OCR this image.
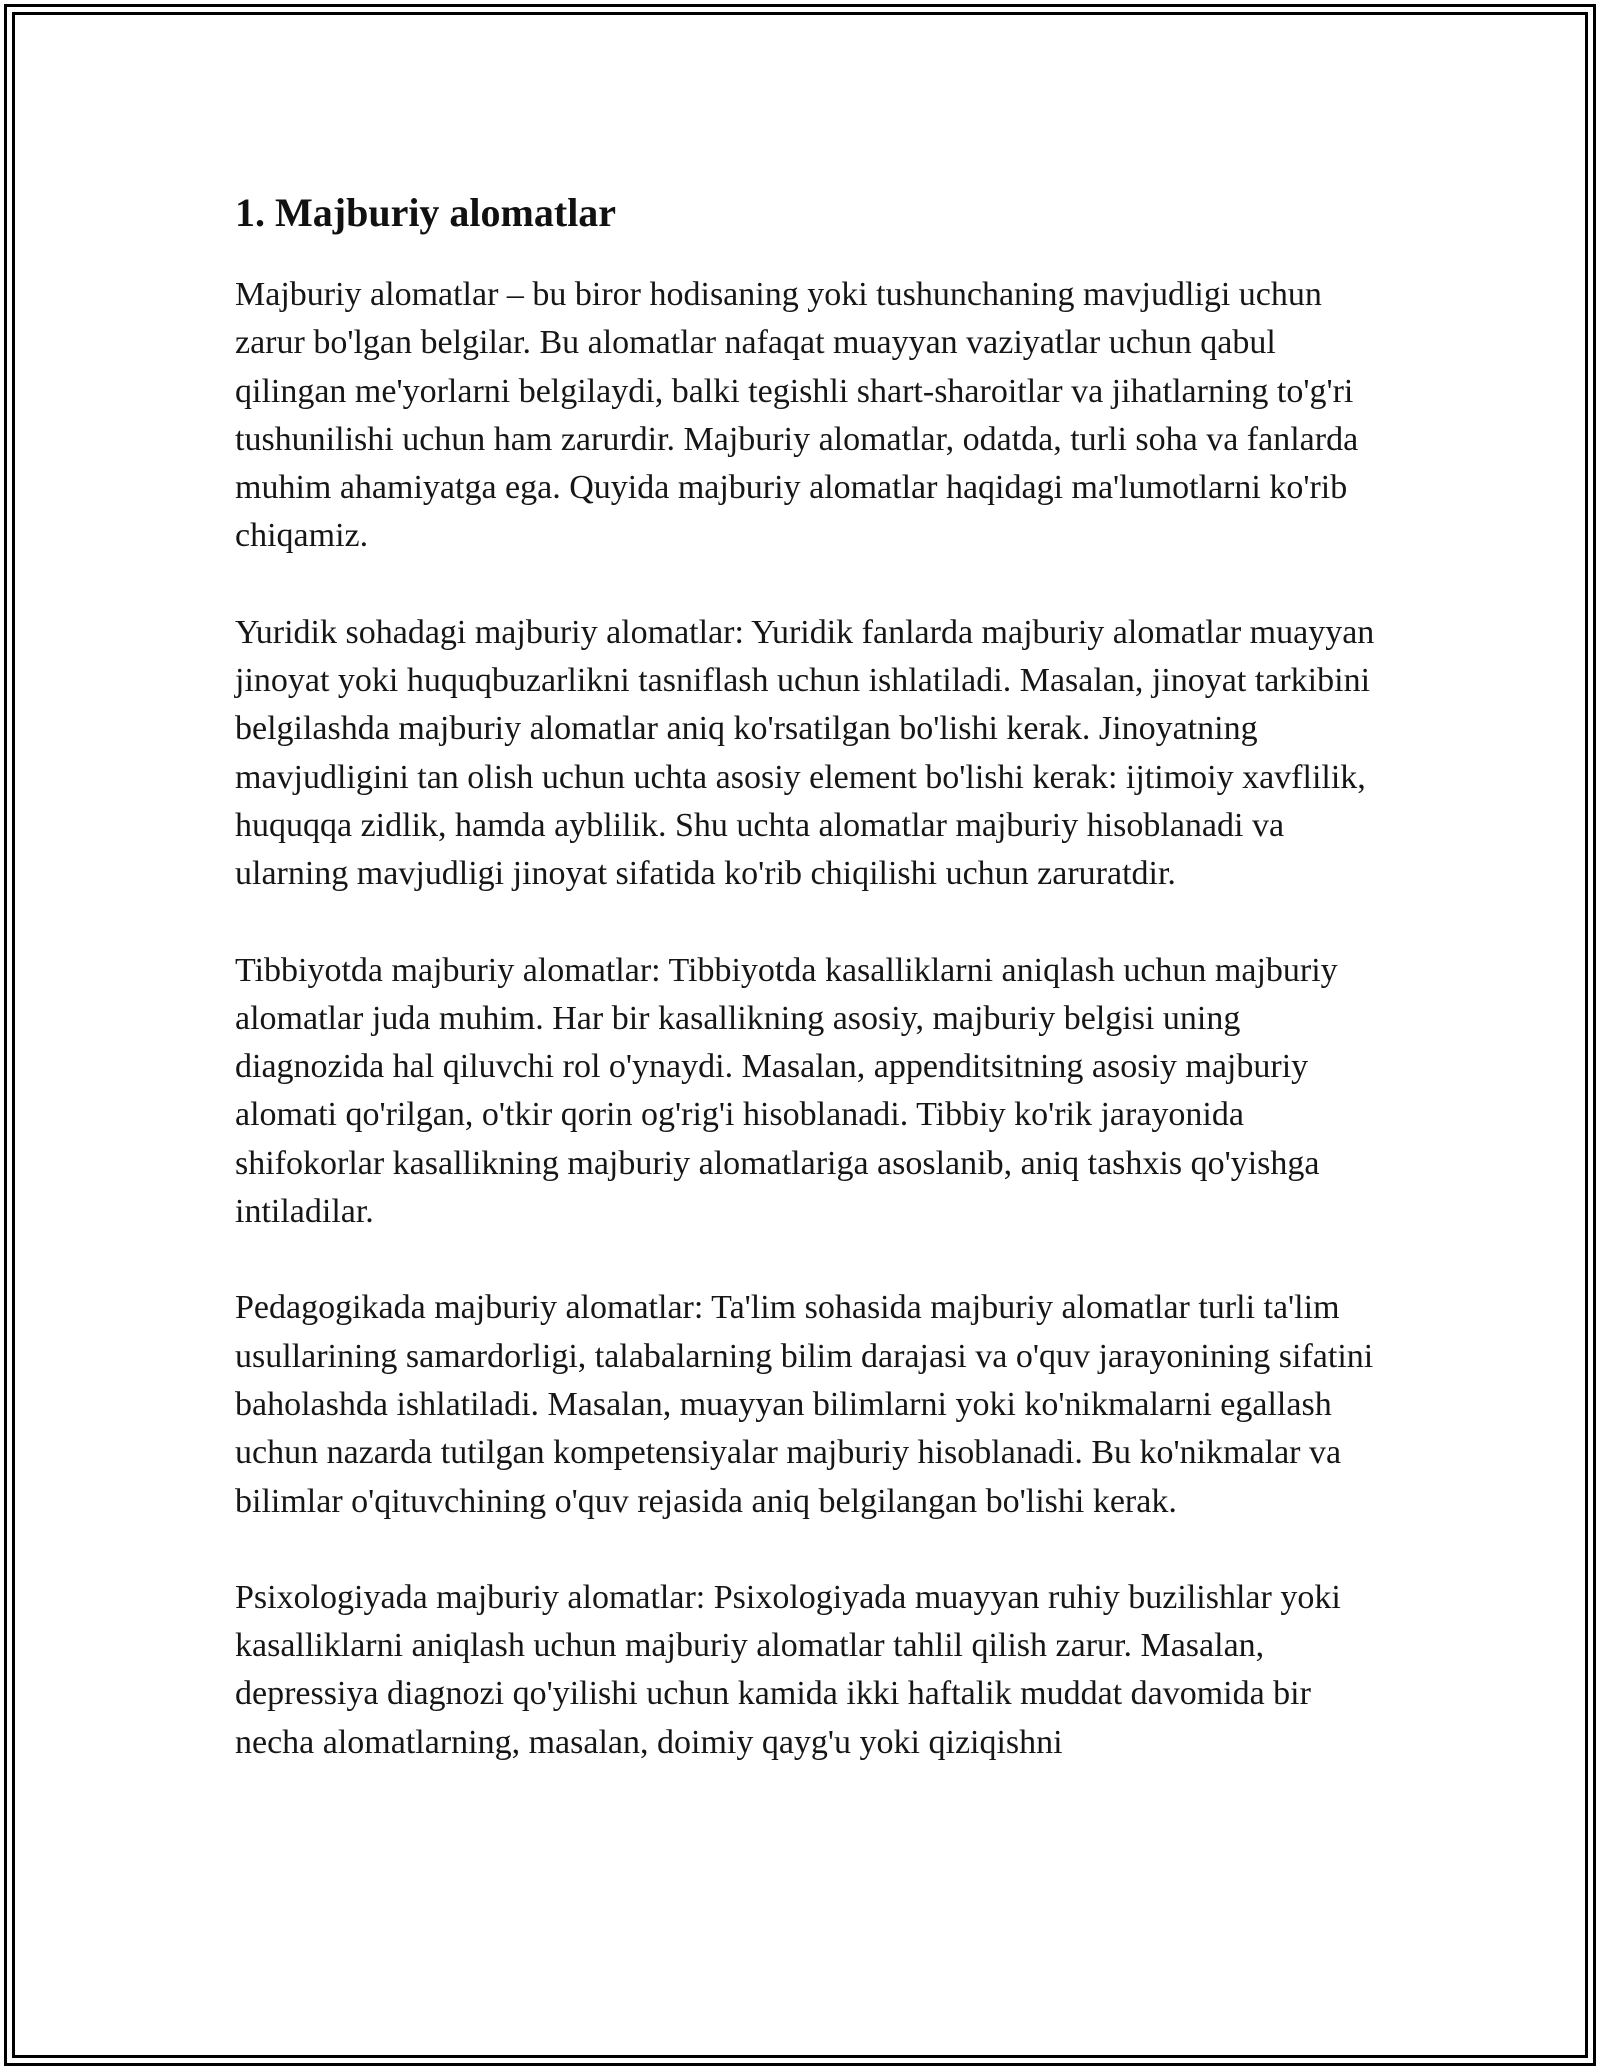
1. Majburiy alomatlar

Majburiy alomatlar – bu biror hodisaning yoki tushunchaning mavjudligi uchun zarur bo'lgan belgilar. Bu alomatlar nafaqat muayyan vaziyatlar uchun qabul qilingan me'yorlarni belgilaydi, balki tegishli shart-sharoitlar va jihatlarning to'g'ri tushunilishi uchun ham zarurdir. Majburiy alomatlar, odatda, turli soha va fanlarda muhim ahamiyatga ega. Quyida majburiy alomatlar haqidagi ma'lumotlarni ko'rib chiqamiz.

Yuridik sohadagi majburiy alomatlar: Yuridik fanlarda majburiy alomatlar muayyan jinoyat yoki huquqbuzarlikni tasniflash uchun ishlatiladi. Masalan, jinoyat tarkibini belgilashda majburiy alomatlar aniq ko'rsatilgan bo'lishi kerak. Jinoyatning mavjudligini tan olish uchun uchta asosiy element bo'lishi kerak: ijtimoiy xavflilik, huquqqa zidlik, hamda ayblilik. Shu uchta alomatlar majburiy hisoblanadi va ularning mavjudligi jinoyat sifatida ko'rib chiqilishi uchun zaruratdir.

Tibbiyotda majburiy alomatlar: Tibbiyotda kasalliklarni aniqlash uchun majburiy alomatlar juda muhim. Har bir kasallikning asosiy, majburiy belgisi uning diagnozida hal qiluvchi rol o'ynaydi. Masalan, appenditsitning asosiy majburiy alomati qo'rilgan, o'tkir qorin og'rig'i hisoblanadi. Tibbiy ko'rik jarayonida shifokorlar kasallikning majburiy alomatlariga asoslanib, aniq tashxis qo'yishga intiladilar.

Pedagogikada majburiy alomatlar: Ta'lim sohasida majburiy alomatlar turli ta'lim usullarining samardorligi, talabalarning bilim darajasi va o'quv jarayonining sifatini baholashda ishlatiladi. Masalan, muayyan bilimlarni yoki ko'nikmalarni egallash uchun nazarda tutilgan kompetensiyalar majburiy hisoblanadi. Bu ko'nikmalar va bilimlar o'qituvchining o'quv rejasida aniq belgilangan bo'lishi kerak.

Psixologiyada majburiy alomatlar: Psixologiyada muayyan ruhiy buzilishlar yoki kasalliklarni aniqlash uchun majburiy alomatlar tahlil qilish zarur. Masalan, depressiya diagnozi qo'yilishi uchun kamida ikki haftalik muddat davomida bir necha alomatlarning, masalan, doimiy qayg'u yoki qiziqishni
